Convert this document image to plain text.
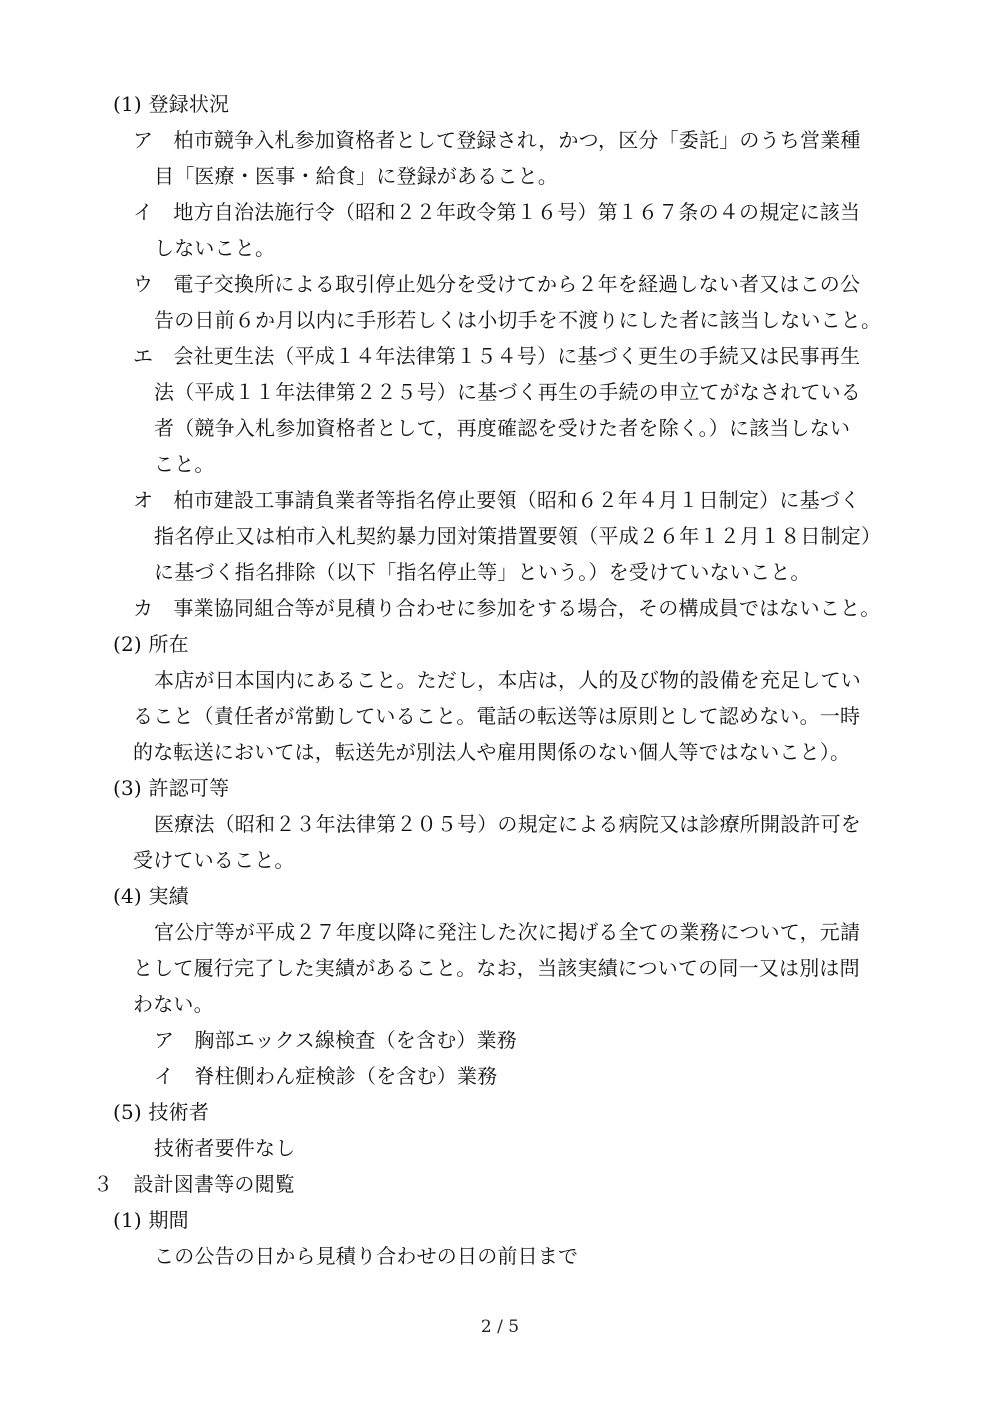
(1) 登録状況

ア　柏市競争入札参加資格者として登録され，かつ，区分「委託」のうち営業種

目「医療・医事・給食」に登録があること。

イ　地方自治法施行令（昭和２２年政令第１６号）第１６７条の４の規定に該当

しないこと。

ウ　電子交換所による取引停止処分を受けてから２年を経過しない者又はこの公

告の日前６か月以内に手形若しくは小切手を不渡りにした者に該当しないこと。

エ　会社更生法（平成１４年法律第１５４号）に基づく更生の手続又は民事再生

法（平成１１年法律第２２５号）に基づく再生の手続の申立てがなされている

者（競争入札参加資格者として，再度確認を受けた者を除く。）に該当しない

こと。

オ　柏市建設工事請負業者等指名停止要領（昭和６２年４月１日制定）に基づく

指名停止又は柏市入札契約暴力団対策措置要領（平成２６年１２月１８日制定）

に基づく指名排除（以下「指名停止等」という。）を受けていないこと。

カ　事業協同組合等が見積り合わせに参加をする場合，その構成員ではないこと。

(2) 所在

本店が日本国内にあること。ただし，本店は，人的及び物的設備を充足してい

ること（責任者が常勤していること。電話の転送等は原則として認めない。一時

的な転送においては，転送先が別法人や雇用関係のない個人等ではないこと）。

(3) 許認可等

医療法（昭和２３年法律第２０５号）の規定による病院又は診療所開設許可を

受けていること。

(4) 実績

官公庁等が平成２７年度以降に発注した次に掲げる全ての業務について，元請

として履行完了した実績があること。なお，当該実績についての同一又は別は問

わない。

ア　胸部エックス線検査（を含む）業務

イ　脊柱側わん症検診（を含む）業務

(5) 技術者

技術者要件なし

３　設計図書等の閲覧

(1) 期間

この公告の日から見積り合わせの日の前日まで

2 / 5
